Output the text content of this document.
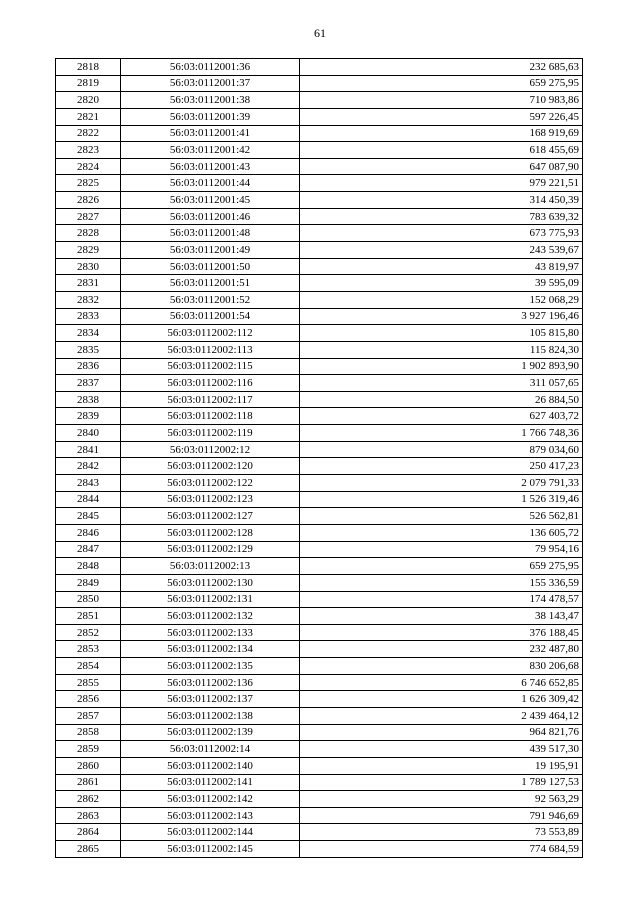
61
2818	56:03:0112001:36	232 685,63
2819	56:03:0112001:37	659 275,95
2820	56:03:0112001:38	710 983,86
2821	56:03:0112001:39	597 226,45
2822	56:03:0112001:41	168 919,69
2823	56:03:0112001:42	618 455,69
2824	56:03:0112001:43	647 087,90
2825	56:03:0112001:44	979 221,51
2826	56:03:0112001:45	314 450,39
2827	56:03:0112001:46	783 639,32
2828	56:03:0112001:48	673 775,93
2829	56:03:0112001:49	243 539,67
2830	56:03:0112001:50	43 819,97
2831	56:03:0112001:51	39 595,09
2832	56:03:0112001:52	152 068,29
2833	56:03:0112001:54	3 927 196,46
2834	56:03:0112002:112	105 815,80
2835	56:03:0112002:113	115 824,30
2836	56:03:0112002:115	1 902 893,90
2837	56:03:0112002:116	311 057,65
2838	56:03:0112002:117	26 884,50
2839	56:03:0112002:118	627 403,72
2840	56:03:0112002:119	1 766 748,36
2841	56:03:0112002:12	879 034,60
2842	56:03:0112002:120	250 417,23
2843	56:03:0112002:122	2 079 791,33
2844	56:03:0112002:123	1 526 319,46
2845	56:03:0112002:127	526 562,81
2846	56:03:0112002:128	136 605,72
2847	56:03:0112002:129	79 954,16
2848	56:03:0112002:13	659 275,95
2849	56:03:0112002:130	155 336,59
2850	56:03:0112002:131	174 478,57
2851	56:03:0112002:132	38 143,47
2852	56:03:0112002:133	376 188,45
2853	56:03:0112002:134	232 487,80
2854	56:03:0112002:135	830 206,68
2855	56:03:0112002:136	6 746 652,85
2856	56:03:0112002:137	1 626 309,42
2857	56:03:0112002:138	2 439 464,12
2858	56:03:0112002:139	964 821,76
2859	56:03:0112002:14	439 517,30
2860	56:03:0112002:140	19 195,91
2861	56:03:0112002:141	1 789 127,53
2862	56:03:0112002:142	92 563,29
2863	56:03:0112002:143	791 946,69
2864	56:03:0112002:144	73 553,89
2865	56:03:0112002:145	774 684,59
